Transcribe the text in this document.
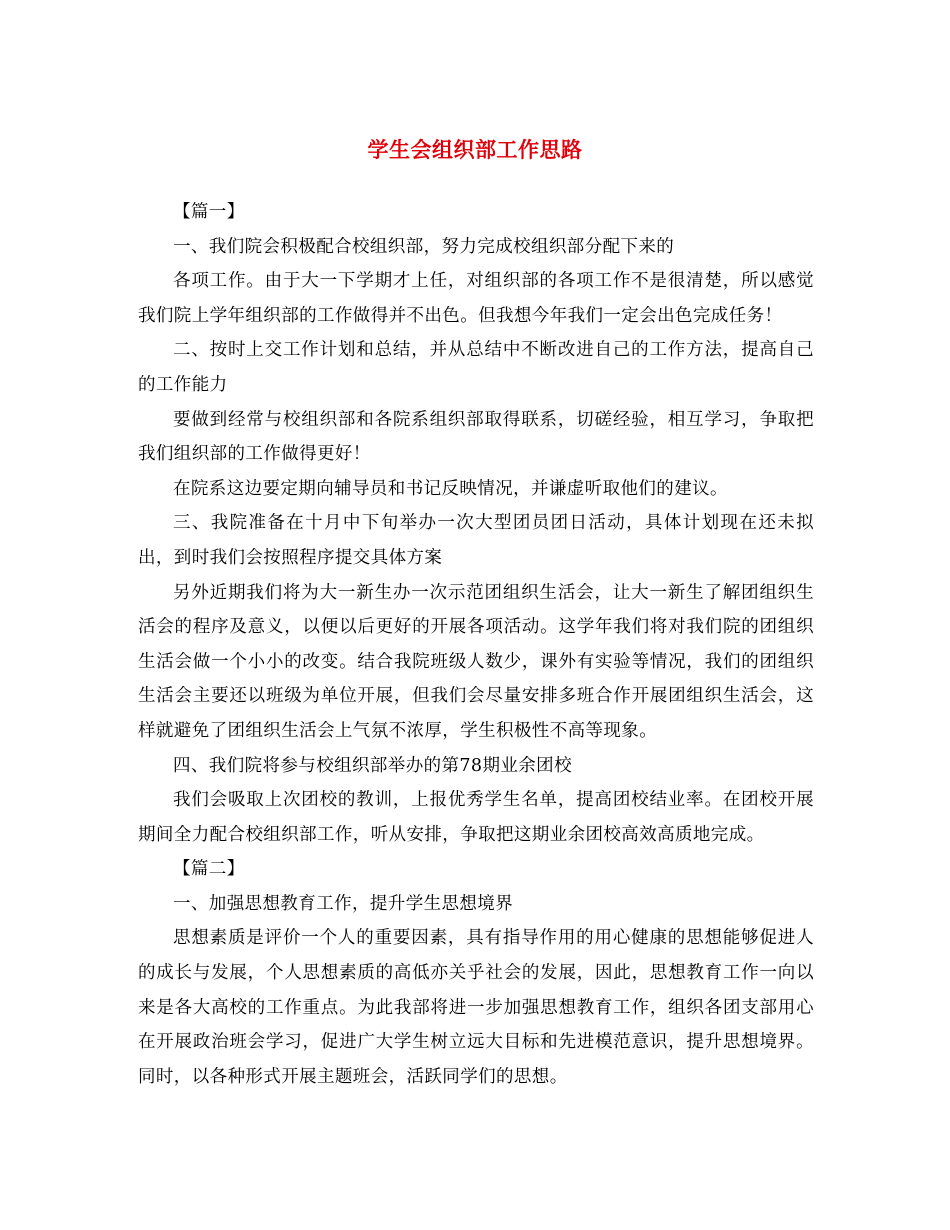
学生会组织部工作思路

【篇一】

一、我们院会积极配合校组织部，努力完成校组织部分配下来的

各项工作。由于大一下学期才上任，对组织部的各项工作不是很清楚，所以感觉我们院上学年组织部的工作做得并不出色。但我想今年我们一定会出色完成任务！

二、按时上交工作计划和总结，并从总结中不断改进自己的工作方法，提高自己的工作能力

要做到经常与校组织部和各院系组织部取得联系，切磋经验，相互学习，争取把我们组织部的工作做得更好！

在院系这边要定期向辅导员和书记反映情况，并谦虚听取他们的建议。

三、我院准备在十月中下旬举办一次大型团员团日活动，具体计划现在还未拟出，到时我们会按照程序提交具体方案

另外近期我们将为大一新生办一次示范团组织生活会，让大一新生了解团组织生活会的程序及意义，以便以后更好的开展各项活动。这学年我们将对我们院的团组织生活会做一个小小的改变。结合我院班级人数少，课外有实验等情况，我们的团组织生活会主要还以班级为单位开展，但我们会尽量安排多班合作开展团组织生活会，这样就避免了团组织生活会上气氛不浓厚，学生积极性不高等现象。

四、我们院将参与校组织部举办的第78期业余团校

我们会吸取上次团校的教训，上报优秀学生名单，提高团校结业率。在团校开展期间全力配合校组织部工作，听从安排，争取把这期业余团校高效高质地完成。

【篇二】

一、加强思想教育工作，提升学生思想境界

思想素质是评价一个人的重要因素，具有指导作用的用心健康的思想能够促进人的成长与发展，个人思想素质的高低亦关乎社会的发展，因此，思想教育工作一向以来是各大高校的工作重点。为此我部将进一步加强思想教育工作，组织各团支部用心在开展政治班会学习，促进广大学生树立远大目标和先进模范意识，提升思想境界。同时，以各种形式开展主题班会，活跃同学们的思想。
